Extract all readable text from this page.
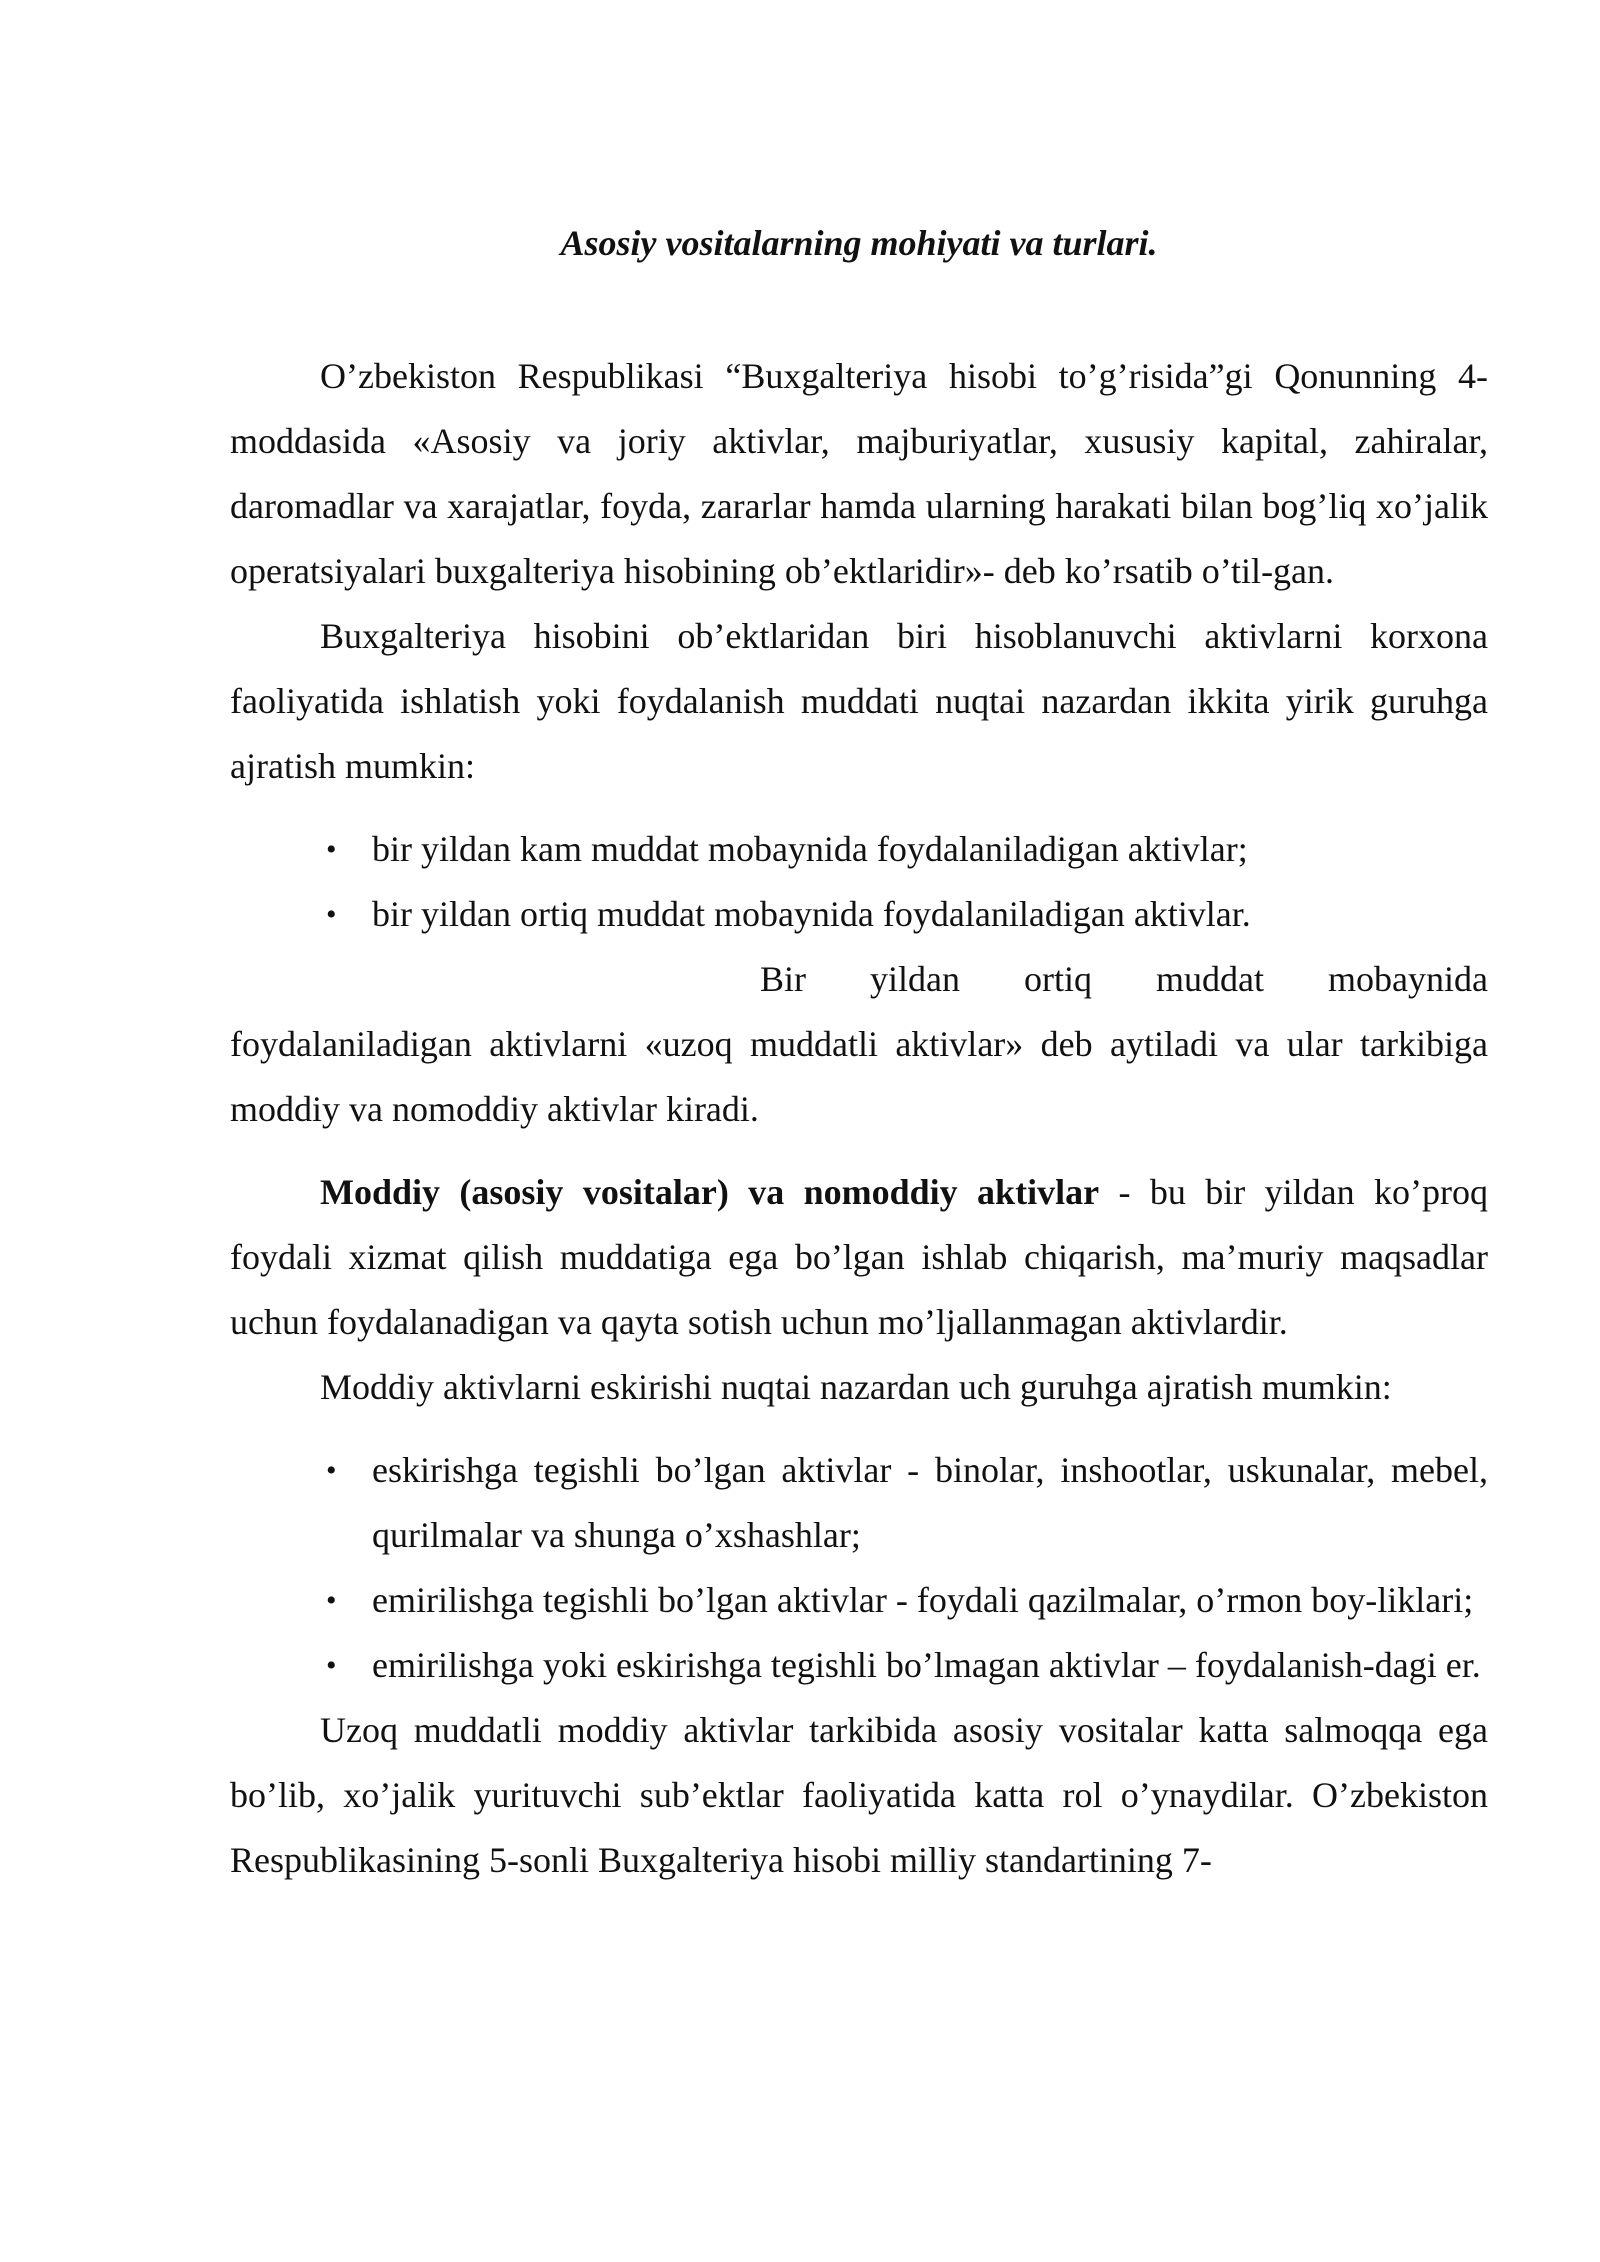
Asosiy vositalarning mohiyati va turlari.

O’zbekiston Respublikasi “Buxgalteriya hisobi to’g’risida”gi Qonunning 4-moddasida «Asosiy va joriy aktivlar, majburiyatlar, xususiy kapital, zahiralar, daromadlar va xarajatlar, foyda, zararlar hamda ularning harakati bilan bog’liq xo’jalik operatsiyalari buxgalteriya hisobining ob’ektlaridir»- deb ko’rsatib o’til-gan.

Buxgalteriya hisobini ob’ektlaridan biri hisoblanuvchi aktivlarni korxona faoliyatida ishlatish yoki foydalanish muddati nuqtai nazardan ikkita yirik guruhga ajratish mumkin:

• bir yildan kam muddat mobaynida foydalaniladigan aktivlar;
• bir yildan ortiq muddat mobaynida foydalaniladigan aktivlar.
Bir yildan ortiq muddat mobaynida

foydalaniladigan aktivlarni «uzoq muddatli aktivlar» deb aytiladi va ular tarkibiga moddiy va nomoddiy aktivlar kiradi.

Moddiy (asosiy vositalar) va nomoddiy aktivlar - bu bir yildan ko’proq foydali xizmat qilish muddatiga ega bo’lgan ishlab chiqarish, ma’muriy maqsadlar uchun foydalanadigan va qayta sotish uchun mo’ljallanmagan aktivlardir.

Moddiy aktivlarni eskirishi nuqtai nazardan uch guruhga ajratish mumkin:

• eskirishga tegishli bo’lgan aktivlar - binolar, inshootlar, uskunalar, mebel, qurilmalar va shunga o’xshashlar;
• emirilishga tegishli bo’lgan aktivlar - foydali qazilmalar, o’rmon boy-liklari;
• emirilishga yoki eskirishga tegishli bo’lmagan aktivlar – foydalanish-dagi er.

Uzoq muddatli moddiy aktivlar tarkibida asosiy vositalar katta salmoqqa ega bo’lib, xo’jalik yurituvchi sub’ektlar faoliyatida katta rol o’ynaydilar. O’zbekiston Respublikasining 5-sonli Buxgalteriya hisobi milliy standartining 7-
